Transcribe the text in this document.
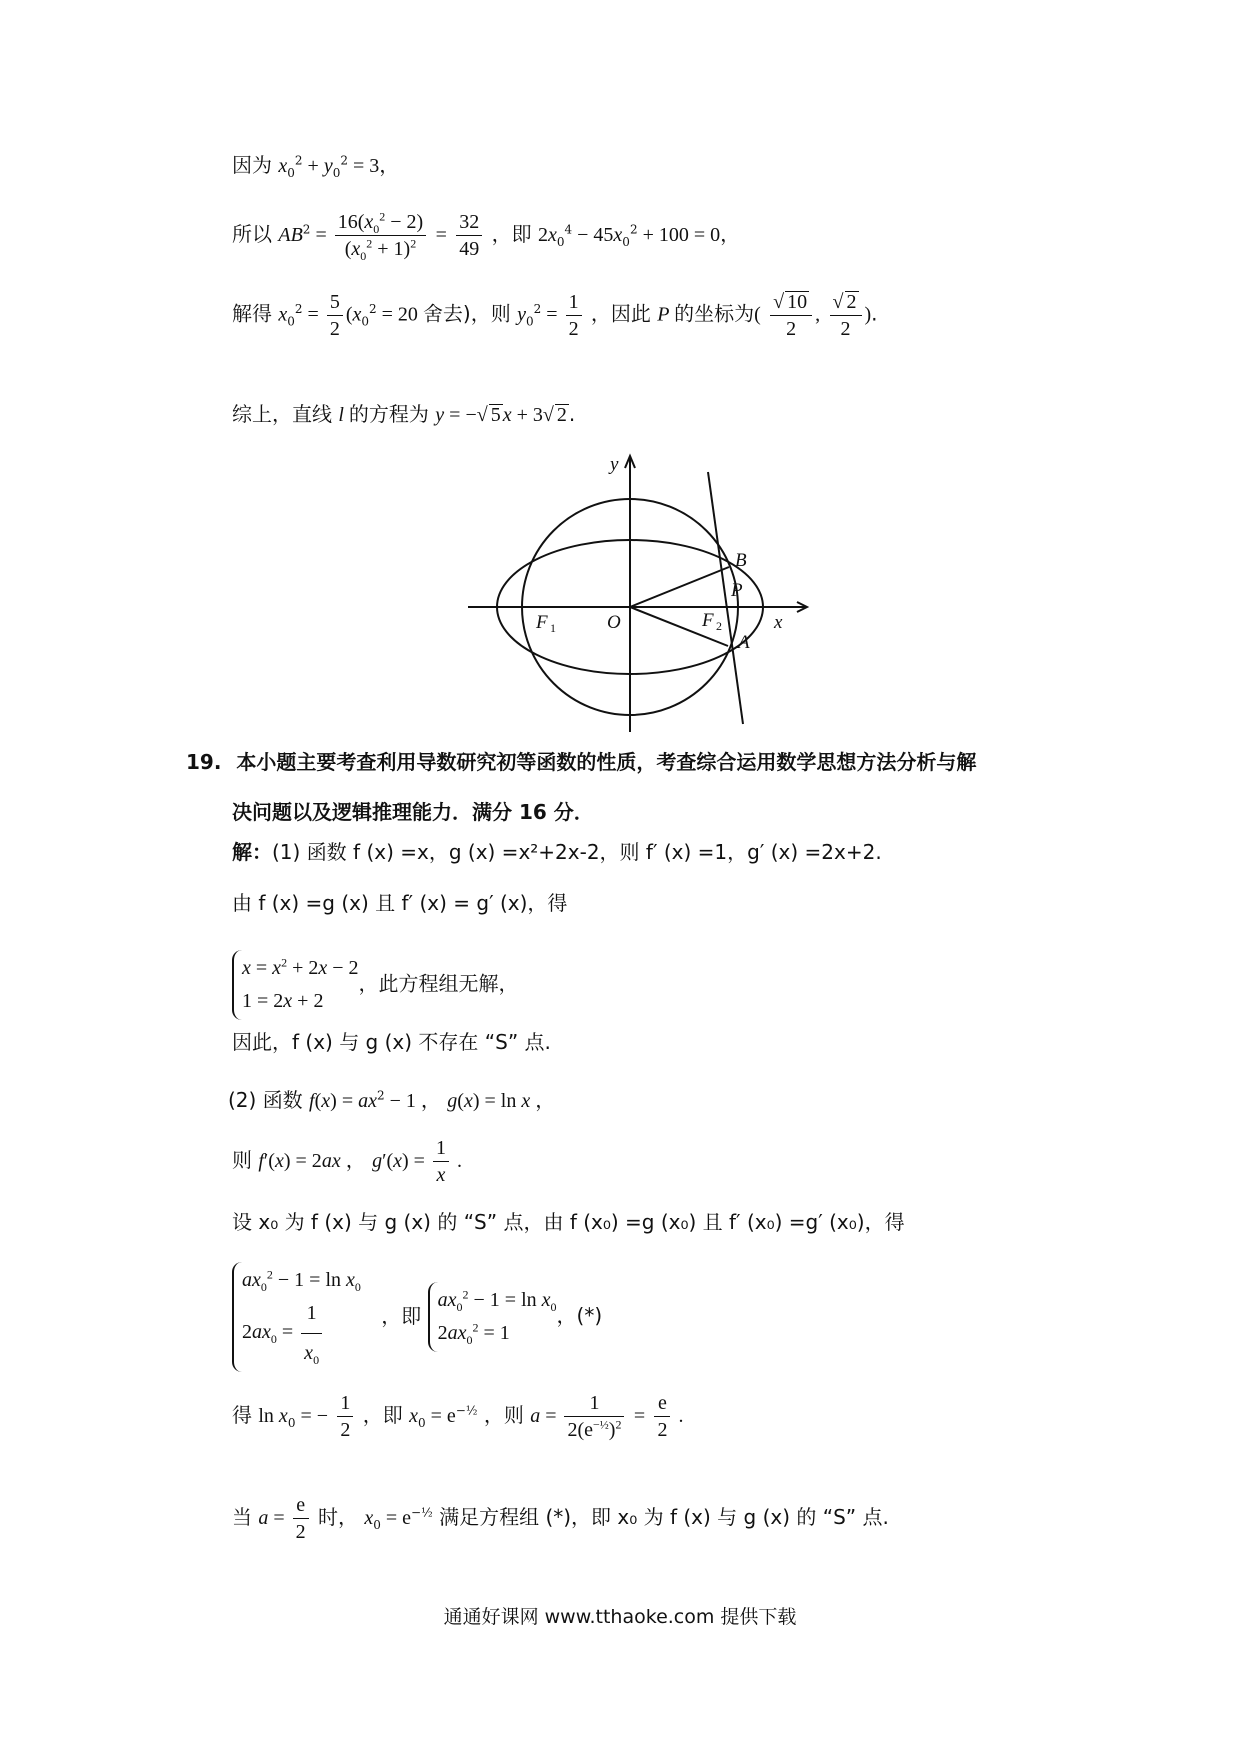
因为 $x_0^2 + y_0^2 = 3$，
所以 $AB^2 = \frac{16(x_0^2 - 2)}{(x_0^2 + 1)^2} = \frac{32}{49}$ ，即 $2x_0^4 - 45x_0^2 + 100 = 0$，
解得 $x_0^2 = \frac{5}{2} (x_0^2 = 20$ 舍去)，则 $y_0^2 = \frac{1}{2}$ ，因此 P 的坐标为( $\frac{√ 10}{2}$ , $\frac{√ 2}{2}$ ).
综上，直线 l 的方程为 y = −√ 5 x + 3√ 2 .
y
x
O
F 1	F 2
A
B
P
19. 本小题主要考查利用导数研究初等函数的性质，考查综合运用数学思想方法分析与解
决问题以及逻辑推理能力．满分 16 分．
解：(1) 函数 f (x) =x，g (x) =x²+2x-2，则 f′ (x) =1，g′ (x) =2x+2.
由 f (x) =g (x) 且 f′ (x) = g′ (x)，得
$x = x^2 + 2x - 2$
1 = 2x + 2
，此方程组无解，
因此，f (x) 与 g (x) 不存在 “S” 点.
(2) 函数 $f(x) = ax^2 - 1$ ， g(x) = ln x ，
则 f′(x) = 2ax ， $g'(x) = \frac{1}{x}$ .
设 x₀ 为 f (x) 与 g (x) 的 “S” 点，由 f (x₀) =g (x₀) 且 f′ (x₀) =g′ (x₀)，得
$ax_0^2 - 1 = \ln x_0$
$2ax_0 = \frac{1}{x_0}$	，即
$ax_0^2 - 1 = \ln x_0$
$2ax_0^2 = 1$
，(*)
得 $\ln x_0$ = − $\frac{1}{2}$ ，即 $x_0 = e^{-\frac{1}{2}}$ ，则 $a = \frac{1}{2(e^{-\frac{1}{2}})^2} = \frac{e}{2}$ .
当 $a = \frac{e}{2}$ 时， $x_0 = e^{-\frac{1}{2}}$ 满足方程组 (*)，即 x₀ 为 f (x) 与 g (x) 的 “S” 点.
通通好课网 www.tthaoke.com 提供下载
